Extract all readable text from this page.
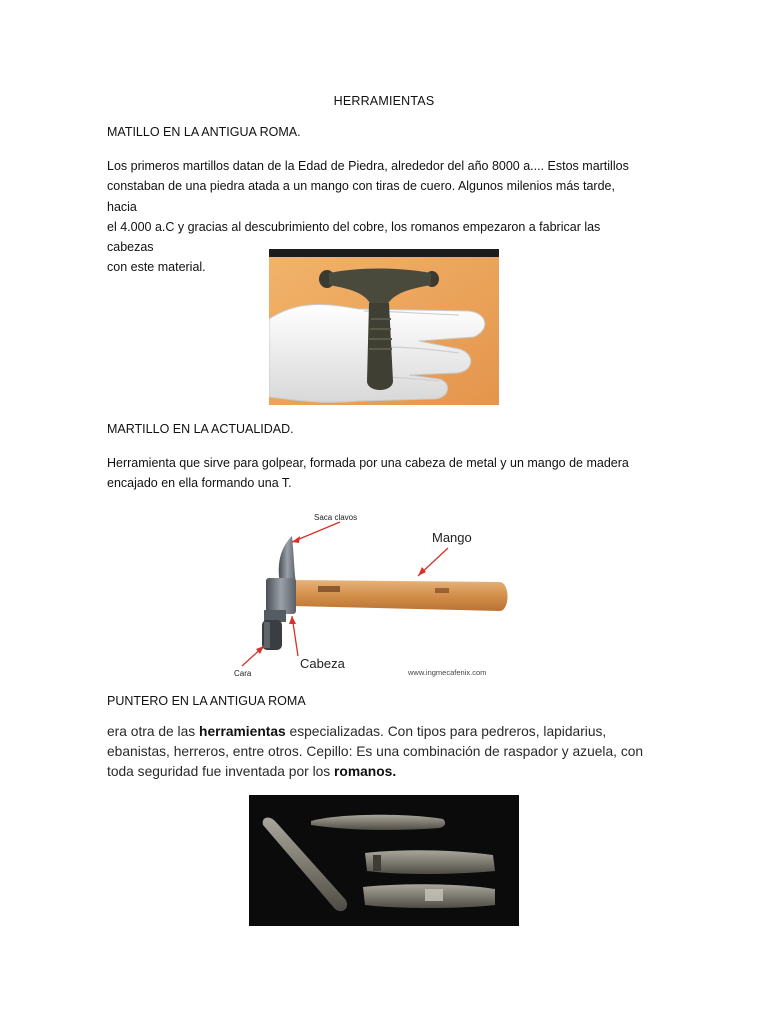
HERRAMIENTAS
MATILLO EN LA ANTIGUA ROMA.
Los primeros martillos datan de la Edad de Piedra, alrededor del año 8000 a.... Estos martillos
constaban de una piedra atada a un mango con tiras de cuero. Algunos milenios más tarde, hacia
el 4.000 a.C y gracias al descubrimiento del cobre, los romanos empezaron a fabricar las cabezas
con este material.
MARTILLO EN LA ACTUALIDAD.
Herramienta que sirve para golpear, formada por una cabeza de metal y un mango de madera
encajado en ella formando una T.
Saca clavos
Mango
Cabeza
Cara	www.ingmecafenix.com
PUNTERO EN LA ANTIGUA ROMA
era otra de las herramientas especializadas. Con tipos para pedreros, lapidarius,
ebanistas, herreros, entre otros. Cepillo: Es una combinación de raspador y azuela, con
toda seguridad fue inventada por los romanos.
